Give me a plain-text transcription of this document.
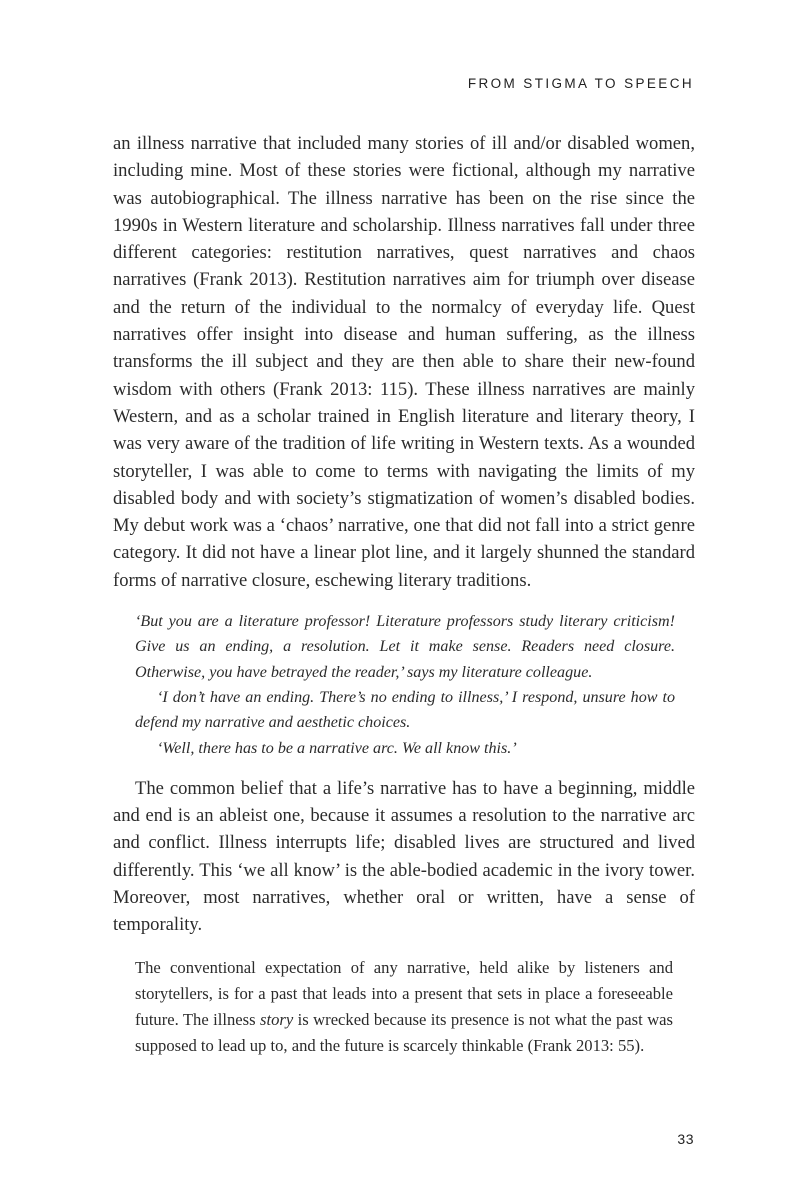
FROM STIGMA TO SPEECH

an illness narrative that included many stories of ill and/or disabled women, including mine. Most of these stories were fictional, although my narrative was autobiographical. The illness narrative has been on the rise since the 1990s in Western literature and scholarship. Illness narratives fall under three different categories: restitution narratives, quest narratives and chaos narratives (Frank 2013). Restitution narratives aim for triumph over disease and the return of the individual to the normalcy of everyday life. Quest narratives offer insight into disease and human suffering, as the illness transforms the ill subject and they are then able to share their new-found wisdom with others (Frank 2013: 115). These illness narratives are mainly Western, and as a scholar trained in English literature and literary theory, I was very aware of the tradition of life writing in Western texts. As a wounded storyteller, I was able to come to terms with navigating the limits of my disabled body and with society’s stigmatization of women’s disabled bodies. My debut work was a ‘chaos’ narrative, one that did not fall into a strict genre category. It did not have a linear plot line, and it largely shunned the standard forms of narrative closure, eschewing literary traditions.

‘But you are a literature professor! Literature professors study literary criticism! Give us an ending, a resolution. Let it make sense. Readers need closure. Otherwise, you have betrayed the reader,’ says my literature colleague.

‘I don’t have an ending. There’s no ending to illness,’ I respond, unsure how to defend my narrative and aesthetic choices.

‘Well, there has to be a narrative arc. We all know this.’

The common belief that a life’s narrative has to have a beginning, middle and end is an ableist one, because it assumes a resolution to the narrative arc and conflict. Illness interrupts life; disabled lives are structured and lived differently. This ‘we all know’ is the able-bodied academic in the ivory tower. Moreover, most narratives, whether oral or written, have a sense of temporality.

The conventional expectation of any narrative, held alike by listeners and storytellers, is for a past that leads into a present that sets in place a foreseeable future. The illness story is wrecked because its presence is not what the past was supposed to lead up to, and the future is scarcely thinkable (Frank 2013: 55).

33
